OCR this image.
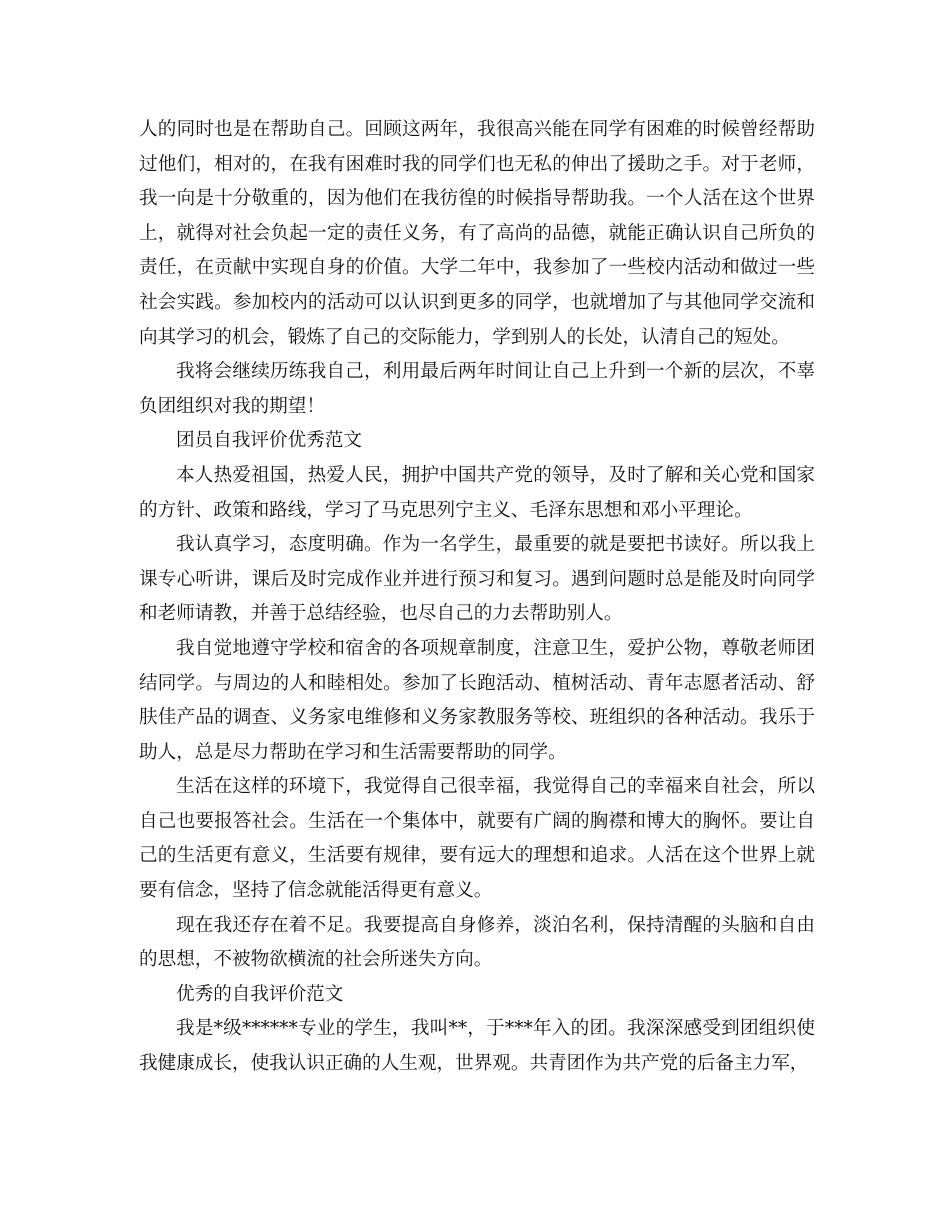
人的同时也是在帮助自己。回顾这两年，我很高兴能在同学有困难的时候曾经帮助过他们，相对的，在我有困难时我的同学们也无私的伸出了援助之手。对于老师，我一向是十分敬重的，因为他们在我彷徨的时候指导帮助我。一个人活在这个世界上，就得对社会负起一定的责任义务，有了高尚的品德，就能正确认识自己所负的责任，在贡献中实现自身的价值。大学二年中，我参加了一些校内活动和做过一些社会实践。参加校内的活动可以认识到更多的同学，也就增加了与其他同学交流和向其学习的机会，锻炼了自己的交际能力，学到别人的长处，认清自己的短处。

我将会继续历练我自己，利用最后两年时间让自己上升到一个新的层次，不辜负团组织对我的期望！

团员自我评价优秀范文

本人热爱祖国，热爱人民，拥护中国共产党的领导，及时了解和关心党和国家的方针、政策和路线，学习了马克思列宁主义、毛泽东思想和邓小平理论。

我认真学习，态度明确。作为一名学生，最重要的就是要把书读好。所以我上课专心听讲，课后及时完成作业并进行预习和复习。遇到问题时总是能及时向同学和老师请教，并善于总结经验，也尽自己的力去帮助别人。

我自觉地遵守学校和宿舍的各项规章制度，注意卫生，爱护公物，尊敬老师团结同学。与周边的人和睦相处。参加了长跑活动、植树活动、青年志愿者活动、舒肤佳产品的调查、义务家电维修和义务家教服务等校、班组织的各种活动。我乐于助人，总是尽力帮助在学习和生活需要帮助的同学。

生活在这样的环境下，我觉得自己很幸福，我觉得自己的幸福来自社会，所以自己也要报答社会。生活在一个集体中，就要有广阔的胸襟和博大的胸怀。要让自己的生活更有意义，生活要有规律，要有远大的理想和追求。人活在这个世界上就要有信念，坚持了信念就能活得更有意义。

现在我还存在着不足。我要提高自身修养，淡泊名利，保持清醒的头脑和自由的思想，不被物欲横流的社会所迷失方向。

优秀的自我评价范文

我是*级******专业的学生，我叫**，于***年入的团。我深深感受到团组织使我健康成长，使我认识正确的人生观，世界观。共青团作为共产党的后备主力军，
